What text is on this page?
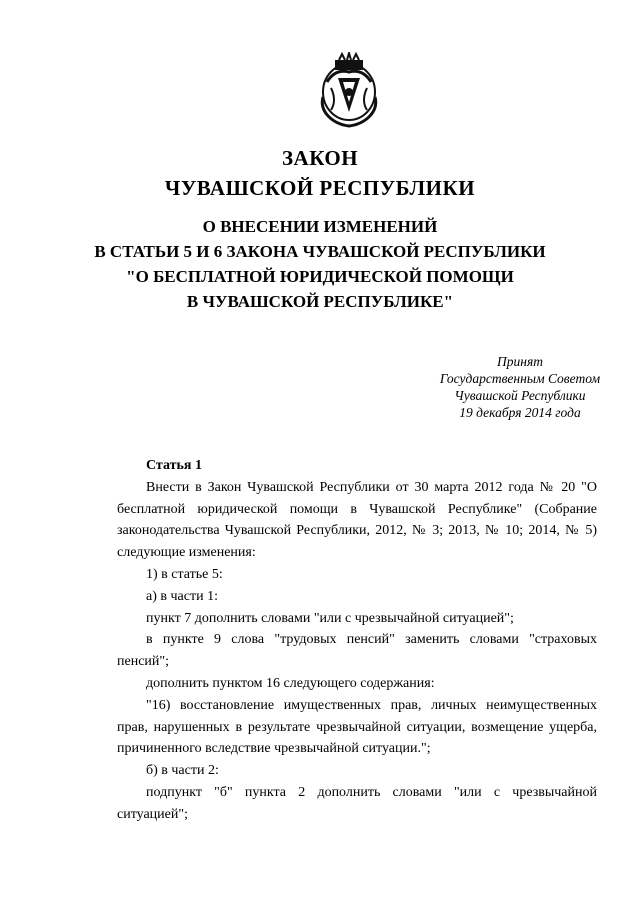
ЗАКОН
ЧУВАШСКОЙ РЕСПУБЛИКИ
О ВНЕСЕНИИ ИЗМЕНЕНИЙ
В СТАТЬИ 5 И 6 ЗАКОНА ЧУВАШСКОЙ РЕСПУБЛИКИ
"О БЕСПЛАТНОЙ ЮРИДИЧЕСКОЙ ПОМОЩИ
В ЧУВАШСКОЙ РЕСПУБЛИКЕ"
Принят
Государственным Советом
Чувашской Республики
19 декабря 2014 года

Статья 1

Внести в Закон Чувашской Республики от 30 марта 2012 года № 20 "О бесплатной юридической помощи в Чувашской Республике" (Собрание законодательства Чувашской Республики, 2012, № 3; 2013, № 10; 2014, № 5) следующие изменения:

1) в статье 5:

а) в части 1:

пункт 7 дополнить словами "или с чрезвычайной ситуацией";

в пункте 9 слова "трудовых пенсий" заменить словами "страховых пенсий";

дополнить пунктом 16 следующего содержания:

"16) восстановление имущественных прав, личных неимущественных прав, нарушенных в результате чрезвычайной ситуации, возмещение ущерба, причиненного вследствие чрезвычайной ситуации.";

б) в части 2:

подпункт "б" пункта 2 дополнить словами "или с чрезвычайной ситуацией";
